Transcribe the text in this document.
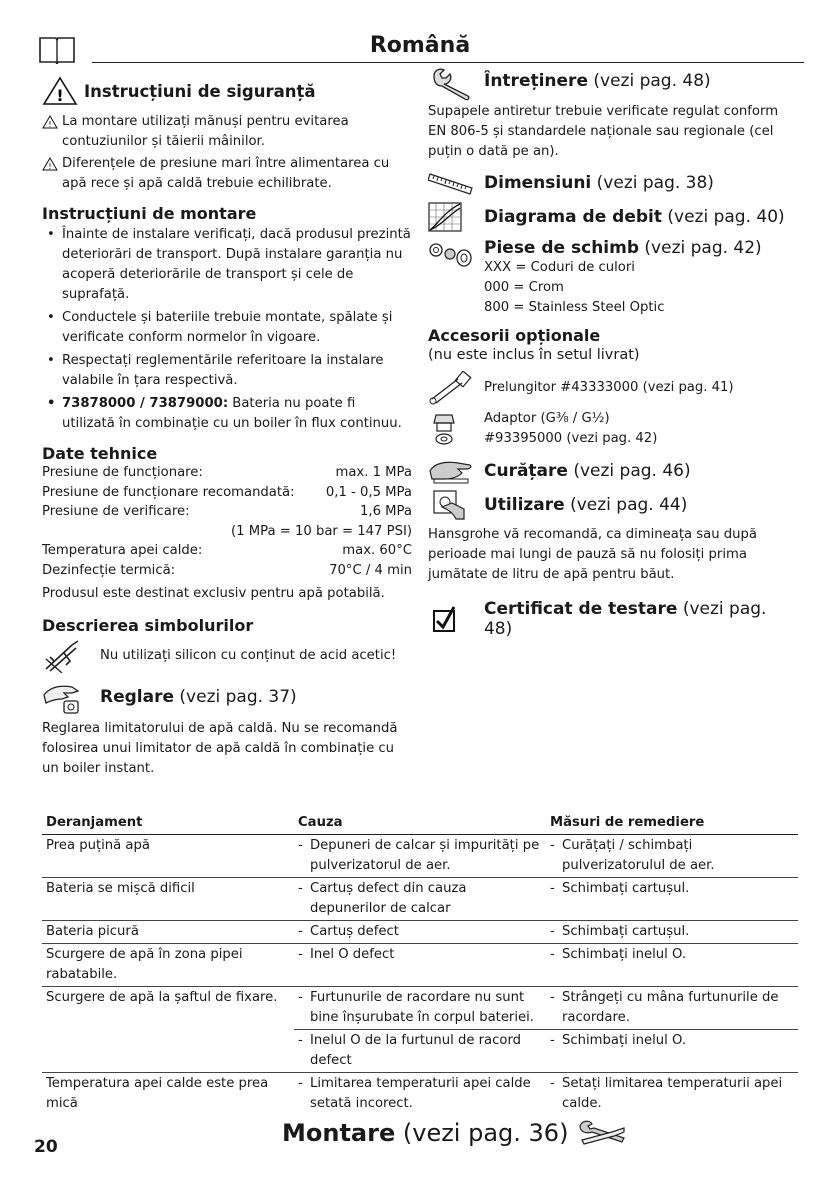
Română
! Instrucțiuni de siguranță
! La montare utilizați mănuși pentru evitarea contuziunilor și tăierii mâinilor.
! Diferențele de presiune mari între alimentarea cu apă rece și apă caldă trebuie echilibrate.
Instrucțiuni de montare
• Înainte de instalare verificați, dacă produsul prezintă deteriorări de transport. După instalare garanția nu acoperă deteriorările de transport și cele de suprafață.
• Conductele și bateriile trebuie montate, spălate și verificate conform normelor în vigoare.
• Respectați reglementările referitoare la instalare valabile în țara respectivă.
• 73878000 / 73879000: Bateria nu poate fi utilizată în combinație cu un boiler în flux continuu.
Date tehnice
Presiune de funcționare:	max. 1 MPa
Presiune de funcționare recomandată: 0,1 - 0,5 MPa
Presiune de verificare:	1,6 MPa
(1 MPa = 10 bar = 147 PSI)
Temperatura apei calde:	max. 60°C
Dezinfecție termică:	70°C / 4 min
Produsul este destinat exclusiv pentru apă potabilă.
Descrierea simbolurilor
Nu utilizați silicon cu conținut de acid acetic!
Reglare (vezi pag. 37)
Reglarea limitatorului de apă caldă. Nu se recomandă folosirea unui limitator de apă caldă în combinație cu un boiler instant.
Întreținere (vezi pag. 48)
Supapele antiretur trebuie verificate regulat conform EN 806-5 și standardele naționale sau regionale (cel puțin o dată pe an).
Dimensiuni (vezi pag. 38)
Diagrama de debit (vezi pag. 40)
Piese de schimb (vezi pag. 42)
XXX = Coduri de culori
000 = Crom
800 = Stainless Steel Optic
Accesorii opționale
(nu este inclus în setul livrat)
Prelungitor #43333000 (vezi pag. 41)
Adaptor (G⅜ / G½)
#93395000 (vezi pag. 42)
Curățare (vezi pag. 46)
Utilizare (vezi pag. 44)
Hansgrohe vă recomandă, ca dimineața sau după perioade mai lungi de pauză să nu folosiți prima jumătate de litru de apă pentru băut.
Certificat de testare (vezi pag. 48)
Deranjament	Cauza	Măsuri de remediere
Prea puțină apă	- Depuneri de calcar și impurități pe pulverizatorul de aer.	- Curățați / schimbați pulverizatorulul de aer.

Bateria se mișcă dificil	- Cartuș defect din cauza depunerilor de calcar	- Schimbați cartușul.

Bateria picură	- Cartuș defect	- Schimbați cartușul.

Scurgere de apă în zona pipei rabatabile.	- Inel O defect	- Schimbați inelul O.

Scurgere de apă la șaftul de fixare.	- Furtunurile de racordare nu sunt bine înșurubate în corpul bateriei.	- Strângeți cu mâna furtunurile de racordare.

	- Inelul O de la furtunul de racord defect	- Schimbați inelul O.

Temperatura apei calde este prea mică	- Limitarea temperaturii apei calde setată incorect.	- Setați limitarea temperaturii apei calde.
20	Montare (vezi pag. 36)
